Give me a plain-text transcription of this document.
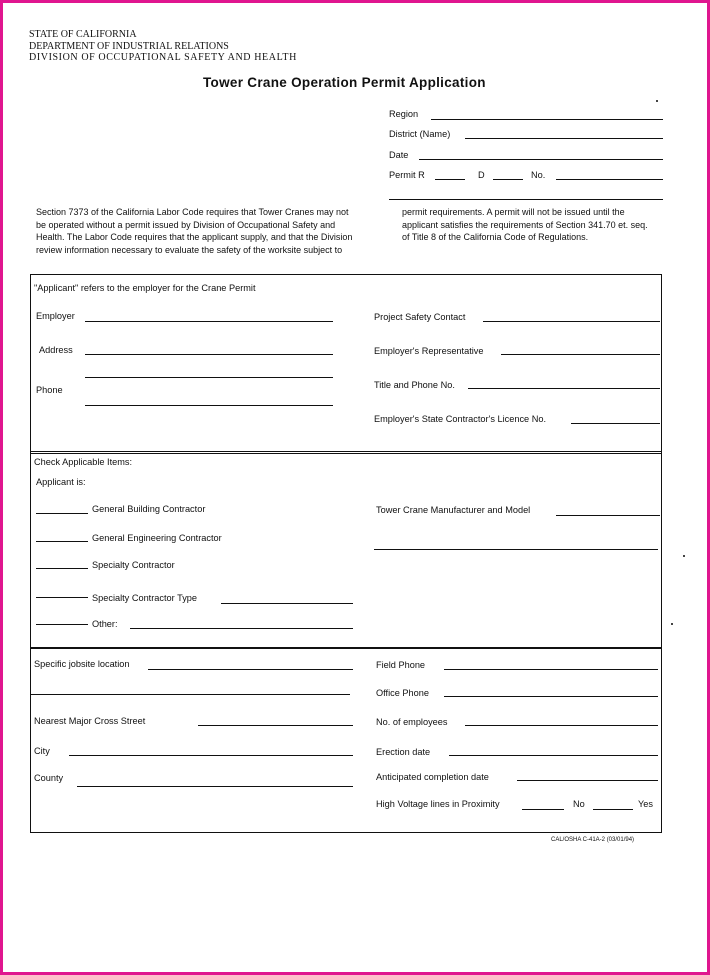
STATE OF CALIFORNIA
DEPARTMENT OF INDUSTRIAL RELATIONS
DIVISION OF OCCUPATIONAL SAFETY AND HEALTH
Tower Crane Operation Permit Application
Region
District (Name)
Date
Permit R	D	No.
Section 7373 of the California Labor Code requires that Tower Cranes may not be operated without a permit issued by Division of Occupational Safety and Health. The Labor Code requires that the applicant supply, and that the Division review information necessary to evaluate the safety of the worksite subject to
permit requirements. A permit will not be issued until the applicant satisfies the requirements of Section 341.70 et. seq. of Title 8 of the California Code of Regulations.
"Applicant" refers to the employer for the Crane Permit
Employer
Address
Phone
Project Safety Contact
Employer's Representative
Title and Phone No.
Employer's State Contractor's Licence No.
Check Applicable Items:
Applicant is:
General Building Contractor
General Engineering Contractor
Specialty Contractor
Specialty Contractor Type
Other:
Tower Crane Manufacturer and Model
Specific jobsite location
Nearest Major Cross Street
City
County
Field Phone
Office Phone
No. of employees
Erection date
Anticipated completion date
High Voltage lines in Proximity	No	Yes
CAL/OSHA C-41A-2 (03/01/94)
